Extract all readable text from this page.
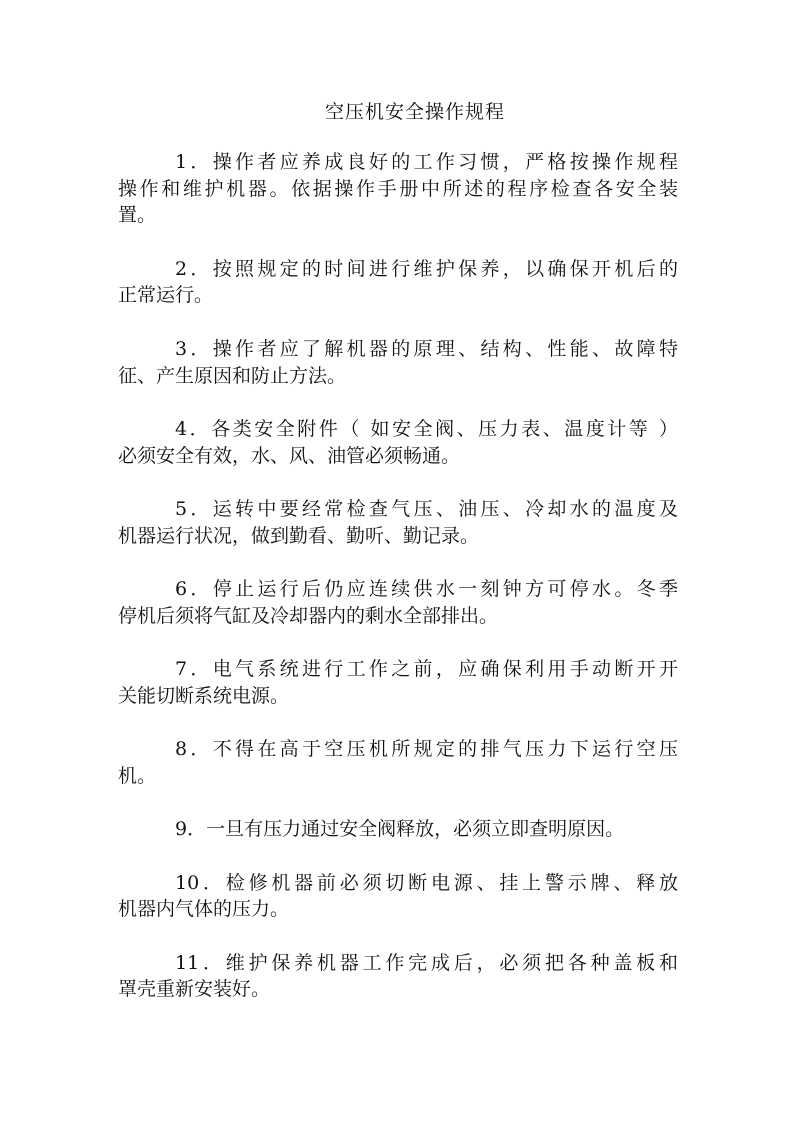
空压机安全操作规程
1．操作者应养成良好的工作习惯，严格按操作规程
操作和维护机器。依据操作手册中所述的程序检查各安全装
置。
2．按照规定的时间进行维护保养，以确保开机后的
正常运行。
3．操作者应了解机器的原理、结构、性能、故障特
征、产生原因和防止方法。
4．各类安全附件（ 如安全阀、压力表、温度计等 ）
必须安全有效，水、风、油管必须畅通。
5．运转中要经常检查气压、油压、冷却水的温度及
机器运行状况，做到勤看、勤听、勤记录。
6．停止运行后仍应连续供水一刻钟方可停水。冬季
停机后须将气缸及冷却器内的剩水全部排出。
7．电气系统进行工作之前，应确保利用手动断开开
关能切断系统电源。
8．不得在高于空压机所规定的排气压力下运行空压
机。
9．一旦有压力通过安全阀释放，必须立即查明原因。
10．检修机器前必须切断电源、挂上警示牌、释放
机器内气体的压力。
11．维护保养机器工作完成后，必须把各种盖板和
罩壳重新安装好。
